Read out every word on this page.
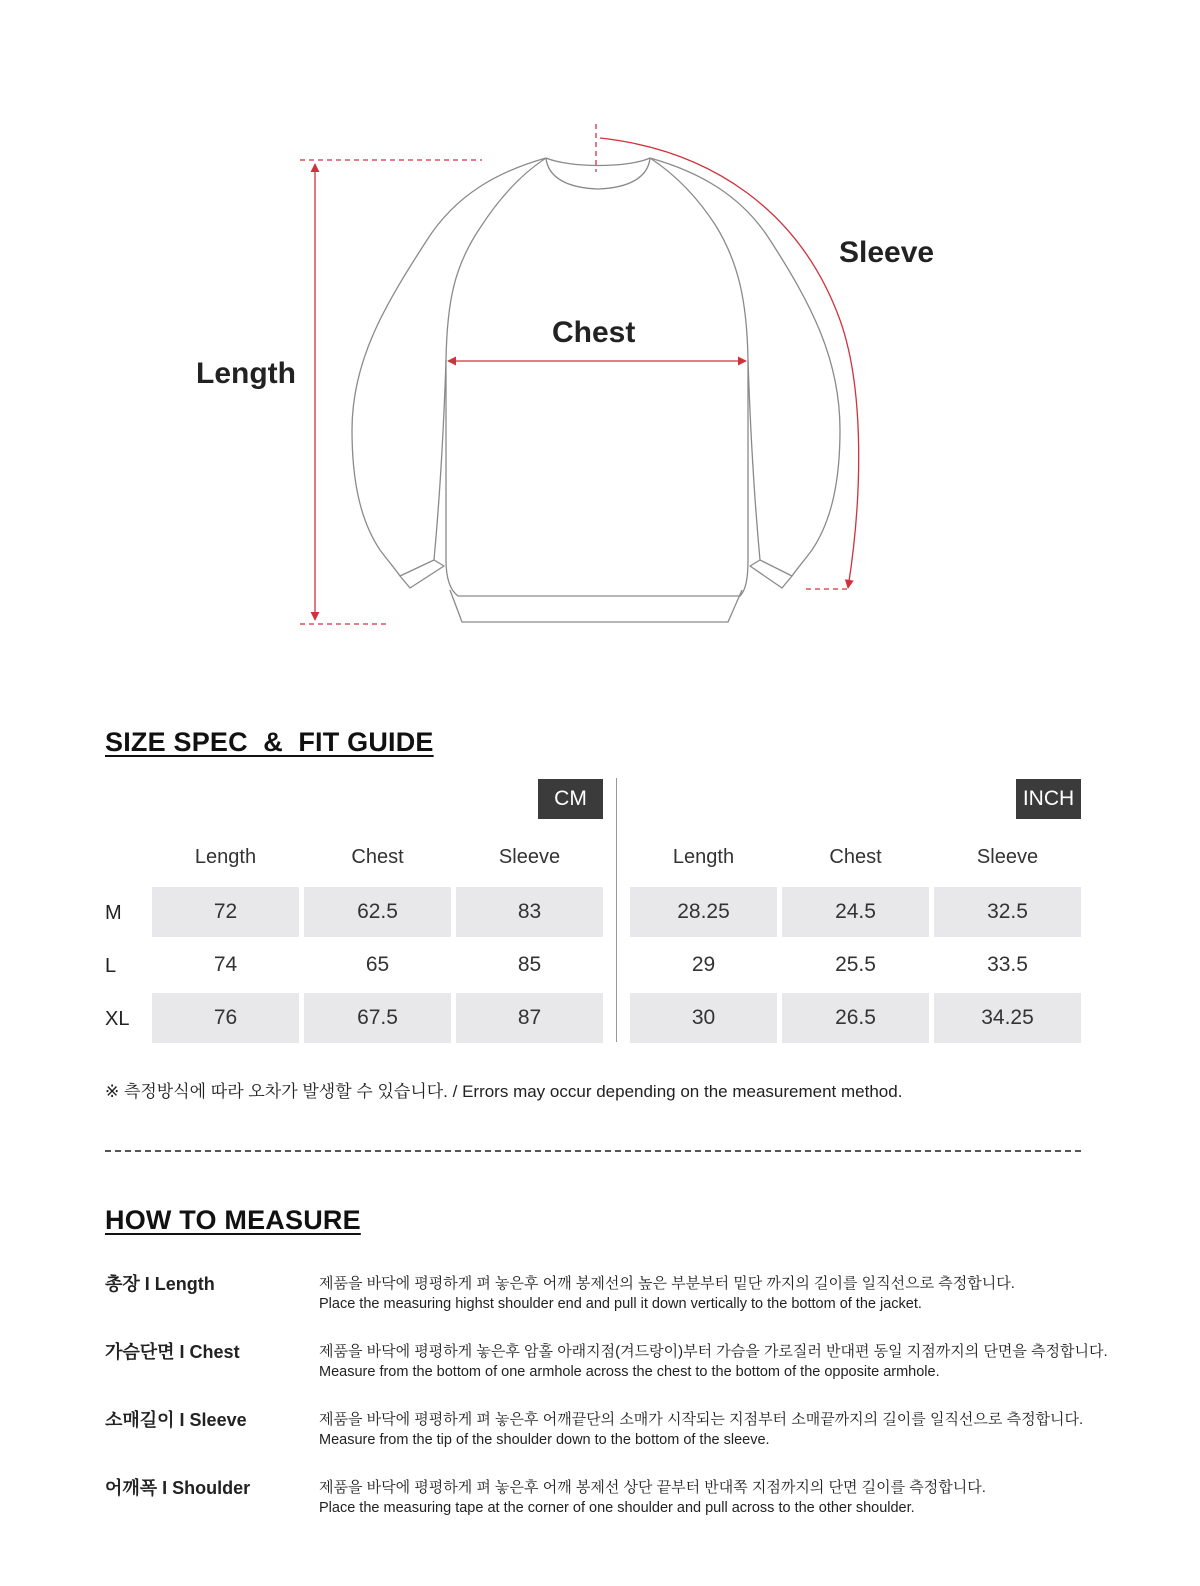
Length
Chest
Sleeve
SIZE SPEC  &  FIT GUIDE
CM	INCH
Length	Chest	Sleeve	Length	Chest	Sleeve
M	72	62.5	83	28.25	24.5	32.5
L	74	65	85	29	25.5	33.5
XL	76	67.5	87	30	26.5	34.25
※ 측정방식에 따라 오차가 발생할 수 있습니다. / Errors may occur depending on the measurement method.
HOW TO MEASURE
총장 I Length	제품을 바닥에 평평하게 펴 놓은후 어깨 봉제선의 높은 부분부터 밑단 까지의 길이를 일직선으로 측정합니다.
Place the measuring highst shoulder end and pull it down vertically to the bottom of the jacket.
가슴단면 I Chest	제품을 바닥에 평평하게 놓은후 암홀 아래지점(겨드랑이)부터 가슴을 가로질러 반대편 동일 지점까지의 단면을 측정합니다.
Measure from the bottom of one armhole across the chest to the bottom of the opposite armhole.
소매길이 I Sleeve	제품을 바닥에 평평하게 펴 놓은후 어깨끝단의 소매가 시작되는 지점부터 소매끝까지의 길이를 일직선으로 측정합니다.
Measure from the tip of the shoulder down to the bottom of the sleeve.
어깨폭 I Shoulder	제품을 바닥에 평평하게 펴 놓은후 어깨 봉제선 상단 끝부터 반대쪽 지점까지의 단면 길이를 측정합니다.
Place the measuring tape at the corner of one shoulder and pull across to the other shoulder.
